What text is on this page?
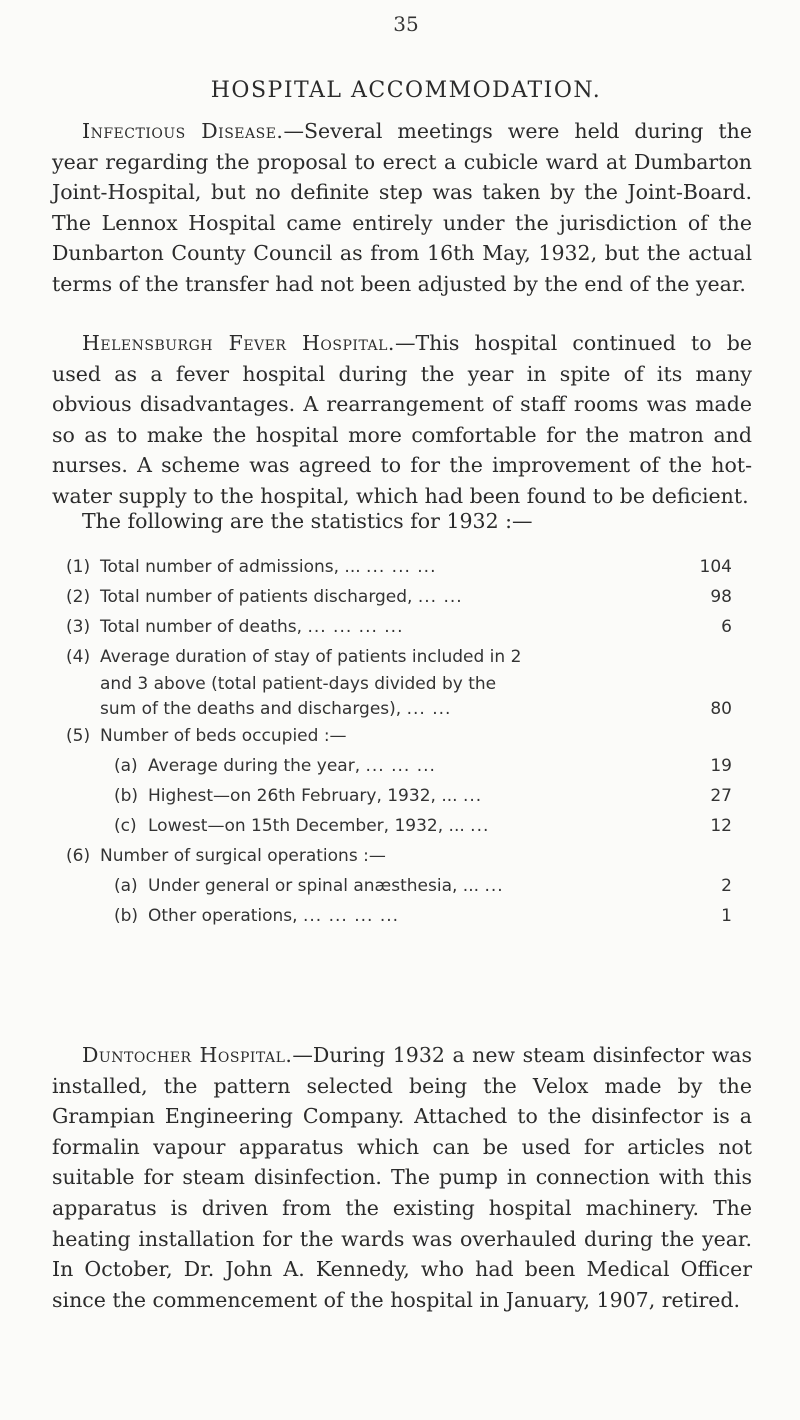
35
HOSPITAL ACCOMMODATION.

Infectious Disease.—Several meetings were held during the year regarding the proposal to erect a cubicle ward at Dumbarton Joint-Hospital, but no definite step was taken by the Joint-Board. The Lennox Hospital came entirely under the jurisdiction of the Dunbarton County Council as from 16th May, 1932, but the actual terms of the transfer had not been adjusted by the end of the year.

Helensburgh Fever Hospital.—This hospital continued to be used as a fever hospital during the year in spite of its many obvious disadvantages. A rearrangement of staff rooms was made so as to make the hospital more comfortable for the matron and nurses. A scheme was agreed to for the improvement of the hot-water supply to the hospital, which had been found to be deficient.

The following are the statistics for 1932 :—

(1) Total number of admissions, ... ... ... ...	104
(2) Total number of patients discharged, ... ...	98
(3) Total number of deaths, ... ... ... ...	6
(4) Average duration of stay of patients included in 2
and 3 above (total patient-days divided by the
sum of the deaths and discharges), ... ...	80
(5) Number of beds occupied :—
(a) Average during the year, ... ... ...	19
(b) Highest—on 26th February, 1932, ... ...	27
(c) Lowest—on 15th December, 1932, ... ...	12
(6) Number of surgical operations :—
(a) Under general or spinal anæsthesia, ... ...	2
(b) Other operations, ... ... ... ...	1

Duntocher Hospital.—During 1932 a new steam disinfector was installed, the pattern selected being the Velox made by the Grampian Engineering Company. Attached to the disinfector is a formalin vapour apparatus which can be used for articles not suitable for steam disinfection. The pump in connection with this apparatus is driven from the existing hospital machinery. The heating installation for the wards was overhauled during the year. In October, Dr. John A. Kennedy, who had been Medical Officer since the commencement of the hospital in January, 1907, retired.
